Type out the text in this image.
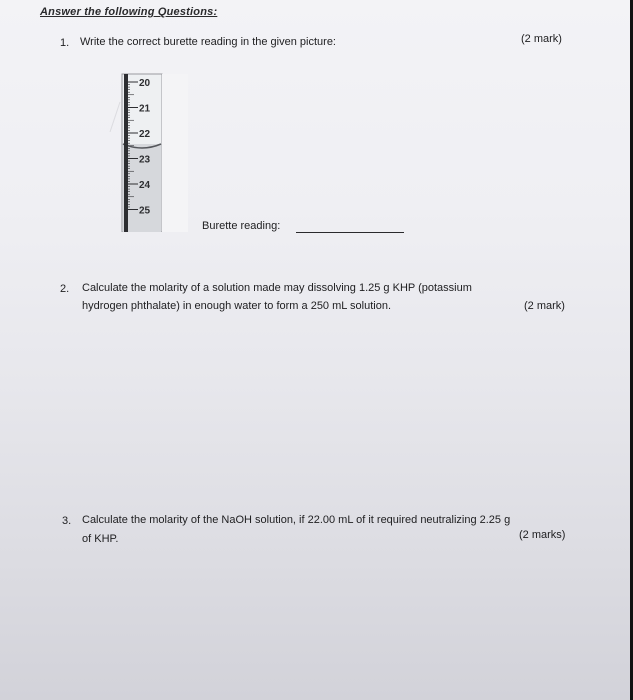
Answer the following Questions:
1. Write the correct burette reading in the given picture:	(2 mark)
20
21
22
23
24
25
Burette reading:
2. Calculate the molarity of a solution made may dissolving 1.25 g KHP (potassium
hydrogen phthalate) in enough water to form a 250 mL solution.	(2 mark)
3. Calculate the molarity of the NaOH solution, if 22.00 mL of it required neutralizing 2.25 g
of KHP.	(2 marks)
